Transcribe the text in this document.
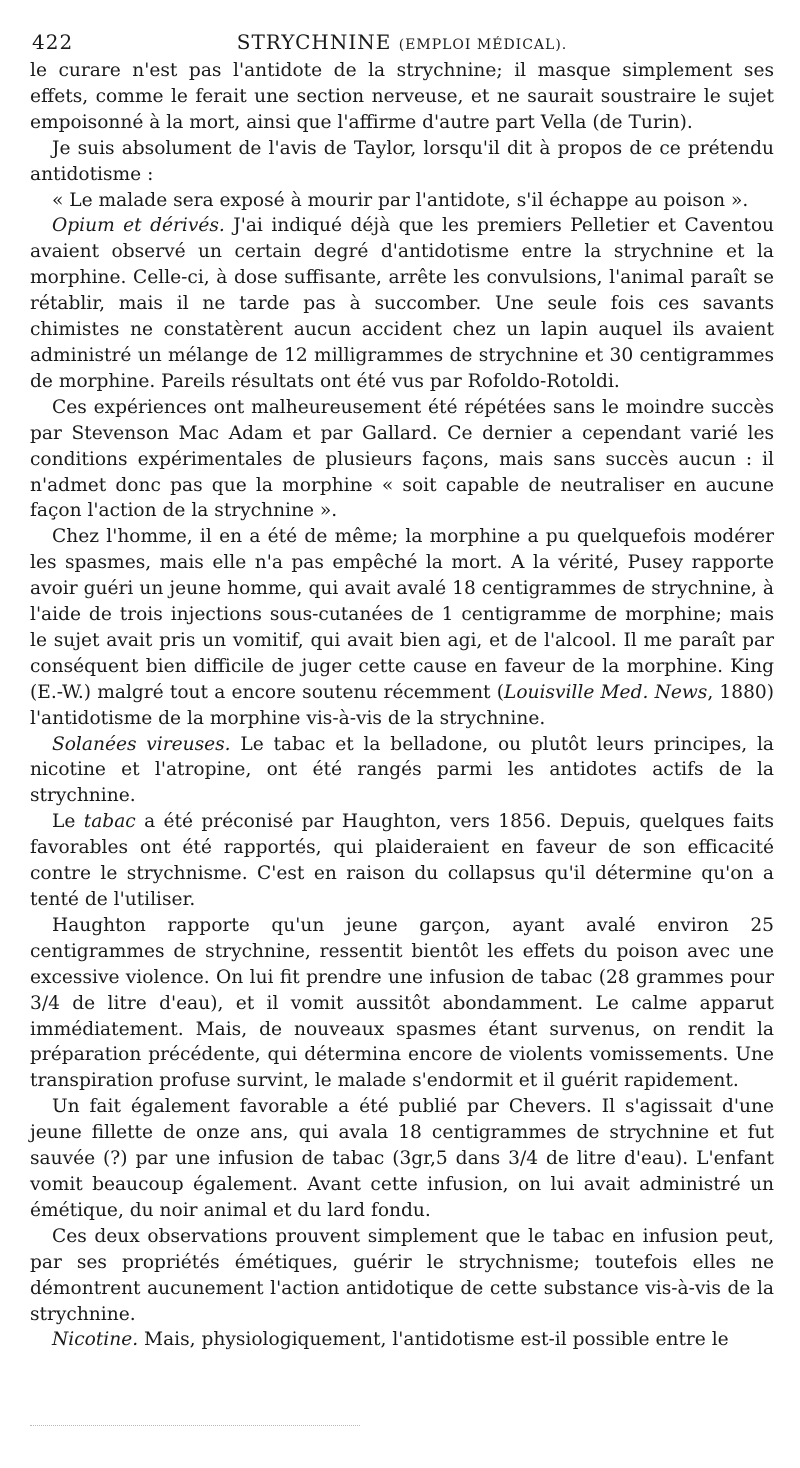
422	STRYCHNINE (EMPLOI MÉDICAL).

le curare n'est pas l'antidote de la strychnine; il masque simplement ses effets, comme le ferait une section nerveuse, et ne saurait soustraire le sujet empoisonné à la mort, ainsi que l'affirme d'autre part Vella (de Turin).

Je suis absolument de l'avis de Taylor, lorsqu'il dit à propos de ce prétendu antidotisme :

« Le malade sera exposé à mourir par l'antidote, s'il échappe au poison ».

Opium et dérivés. J'ai indiqué déjà que les premiers Pelletier et Caventou avaient observé un certain degré d'antidotisme entre la strychnine et la morphine. Celle-ci, à dose suffisante, arrête les convulsions, l'animal paraît se rétablir, mais il ne tarde pas à succomber. Une seule fois ces savants chimistes ne constatèrent aucun accident chez un lapin auquel ils avaient administré un mélange de 12 milligrammes de strychnine et 30 centigrammes de morphine. Pareils résultats ont été vus par Rofoldo-Rotoldi.

Ces expériences ont malheureusement été répétées sans le moindre succès par Stevenson Mac Adam et par Gallard. Ce dernier a cependant varié les conditions expérimentales de plusieurs façons, mais sans succès aucun : il n'admet donc pas que la morphine « soit capable de neutraliser en aucune façon l'action de la strychnine ».

Chez l'homme, il en a été de même; la morphine a pu quelquefois modérer les spasmes, mais elle n'a pas empêché la mort. A la vérité, Pusey rapporte avoir guéri un jeune homme, qui avait avalé 18 centigrammes de strychnine, à l'aide de trois injections sous-cutanées de 1 centigramme de morphine; mais le sujet avait pris un vomitif, qui avait bien agi, et de l'alcool. Il me paraît par conséquent bien difficile de juger cette cause en faveur de la morphine. King (E.-W.) malgré tout a encore soutenu récemment (Louisville Med. News, 1880) l'antidotisme de la morphine vis-à-vis de la strychnine.

Solanées vireuses. Le tabac et la belladone, ou plutôt leurs principes, la nicotine et l'atropine, ont été rangés parmi les antidotes actifs de la strychnine.

Le tabac a été préconisé par Haughton, vers 1856. Depuis, quelques faits favorables ont été rapportés, qui plaideraient en faveur de son efficacité contre le strychnisme. C'est en raison du collapsus qu'il détermine qu'on a tenté de l'utiliser.

Haughton rapporte qu'un jeune garçon, ayant avalé environ 25 centigrammes de strychnine, ressentit bientôt les effets du poison avec une excessive violence. On lui fit prendre une infusion de tabac (28 grammes pour 3/4 de litre d'eau), et il vomit aussitôt abondamment. Le calme apparut immédiatement. Mais, de nouveaux spasmes étant survenus, on rendit la préparation précédente, qui détermina encore de violents vomissements. Une transpiration profuse survint, le malade s'endormit et il guérit rapidement.

Un fait également favorable a été publié par Chevers. Il s'agissait d'une jeune fillette de onze ans, qui avala 18 centigrammes de strychnine et fut sauvée (?) par une infusion de tabac (3gr,5 dans 3/4 de litre d'eau). L'enfant vomit beaucoup également. Avant cette infusion, on lui avait administré un émétique, du noir animal et du lard fondu.

Ces deux observations prouvent simplement que le tabac en infusion peut, par ses propriétés émétiques, guérir le strychnisme; toutefois elles ne démontrent aucunement l'action antidotique de cette substance vis-à-vis de la strychnine.

Nicotine. Mais, physiologiquement, l'antidotisme est-il possible entre le
